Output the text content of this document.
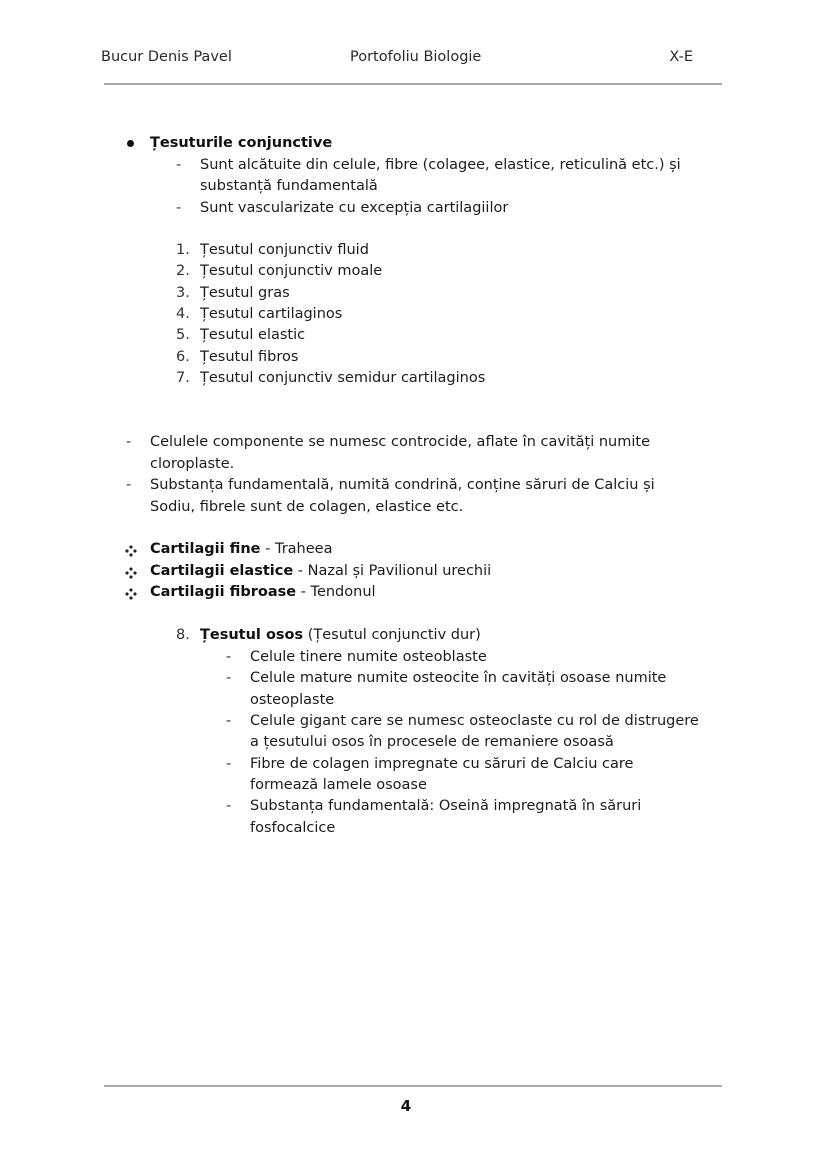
Bucur Denis Pavel	Portofoliu Biologie	X-E
Țesuturile conjunctive
- Sunt alcătuite din celule, fibre (colagee, elastice, reticulină etc.) și
substanță fundamentală
- Sunt vascularizate cu excepția cartilagiilor
1. Țesutul conjunctiv fluid
2. Țesutul conjunctiv moale
3. Țesutul gras
4. Țesutul cartilaginos
5. Țesutul elastic
6. Țesutul fibros
7. Țesutul conjunctiv semidur cartilaginos
- Celulele componente se numesc controcide, aflate în cavități numite
cloroplaste.
- Substanța fundamentală, numită condrină, conține săruri de Calciu și
Sodiu, fibrele sunt de colagen, elastice etc.
Cartilagii fine - Traheea
Cartilagii elastice - Nazal și Pavilionul urechii
Cartilagii fibroase - Tendonul
8. Țesutul osos (Țesutul conjunctiv dur)
- Celule tinere numite osteoblaste
- Celule mature numite osteocite în cavități osoase numite
osteoplaste
- Celule gigant care se numesc osteoclaste cu rol de distrugere
a țesutului osos în procesele de remaniere osoasă
- Fibre de colagen impregnate cu săruri de Calciu care
formează lamele osoase
- Substanța fundamentală: Oseină impregnată în săruri
fosfocalcice
4
